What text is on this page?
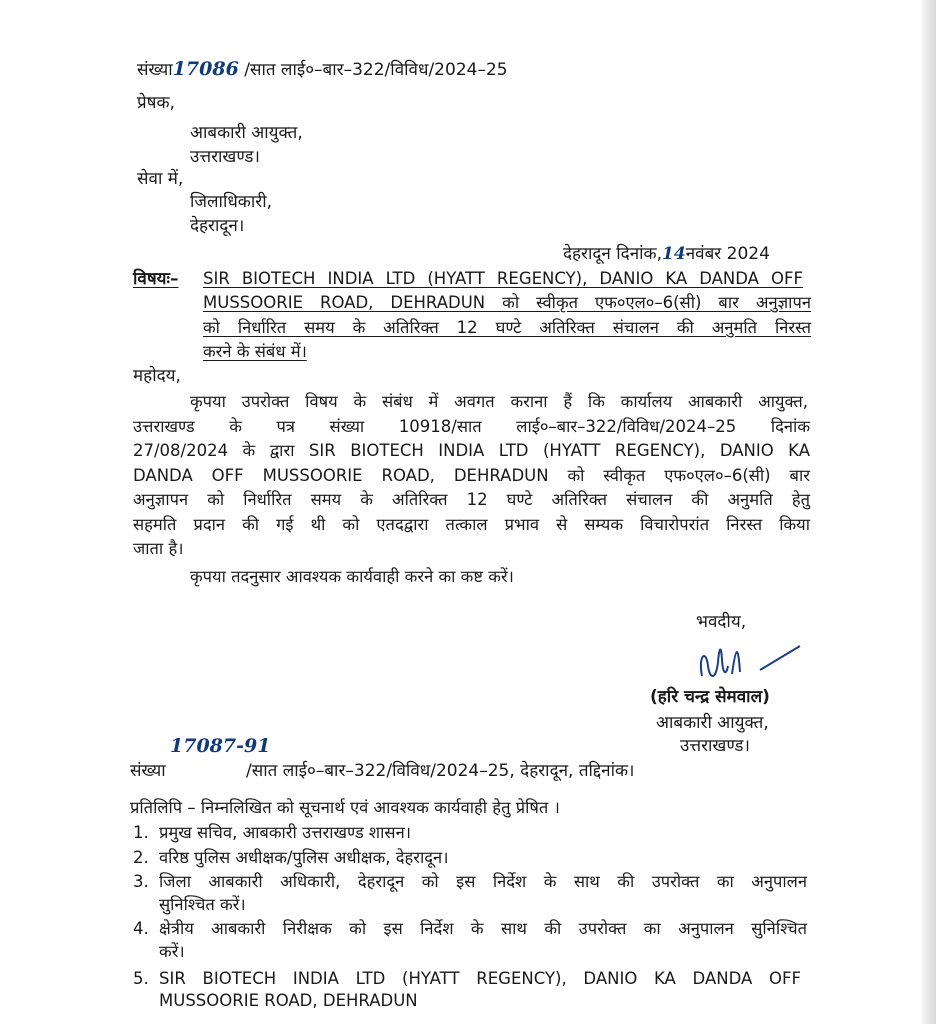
संख्या17086 /सात लाई०–बार–322/विविध/2024–25
प्रेषक,
आबकारी आयुक्त,
उत्तराखण्ड।
सेवा में,
जिलाधिकारी,
देहरादून।
देहरादून दिनांक,14नवंबर 2024
विषयः– SIR BIOTECH INDIA LTD (HYATT REGENCY), DANIO KA DANDA OFF
MUSSOORIE ROAD, DEHRADUN को स्वीकृत एफ०एल०–6(सी) बार अनुज्ञापन
को निर्धारित समय के अतिरिक्त 12 घण्टे अतिरिक्त संचालन की अनुमति निरस्त
करने के संबंध में।
महोदय,
कृपया उपरोक्त विषय के संबंध में अवगत कराना हैं कि कार्यालय आबकारी आयुक्त,
उत्तराखण्ड के पत्र संख्या 10918/सात लाई०–बार–322/विविध/2024–25 दिनांक
27/08/2024 के द्वारा SIR BIOTECH INDIA LTD (HYATT REGENCY), DANIO KA
DANDA OFF MUSSOORIE ROAD, DEHRADUN को स्वीकृत एफ०एल०–6(सी) बार
अनुज्ञापन को निर्धारित समय के अतिरिक्त 12 घण्टे अतिरिक्त संचालन की अनुमति हेतु
सहमति प्रदान की गई थी को एतदद्वारा तत्काल प्रभाव से सम्यक विचारोपरांत निरस्त किया
जाता है।
कृपया तदनुसार आवश्यक कार्यवाही करने का कष्ट करें।
भवदीय,
(हरि चन्द्र सेमवाल)
आबकारी आयुक्त,
उत्तराखण्ड।
17087-91
संख्या	/सात लाई०–बार–322/विविध/2024–25, देहरादून, तद्दिनांक।
प्रतिलिपि – निम्नलिखित को सूचनार्थ एवं आवश्यक कार्यवाही हेतु प्रेषित ।
1. प्रमुख सचिव, आबकारी उत्तराखण्ड शासन।
2. वरिष्ठ पुलिस अधीक्षक/पुलिस अधीक्षक, देहरादून।
3. जिला आबकारी अधिकारी, देहरादून को इस निर्देश के साथ की उपरोक्त का अनुपालन
सुनिश्चित करें।
4. क्षेत्रीय आबकारी निरीक्षक को इस निर्देश के साथ की उपरोक्त का अनुपालन सुनिश्चित
करें।
5. SIR BIOTECH INDIA LTD (HYATT REGENCY), DANIO KA DANDA OFF
MUSSOORIE ROAD, DEHRADUN
